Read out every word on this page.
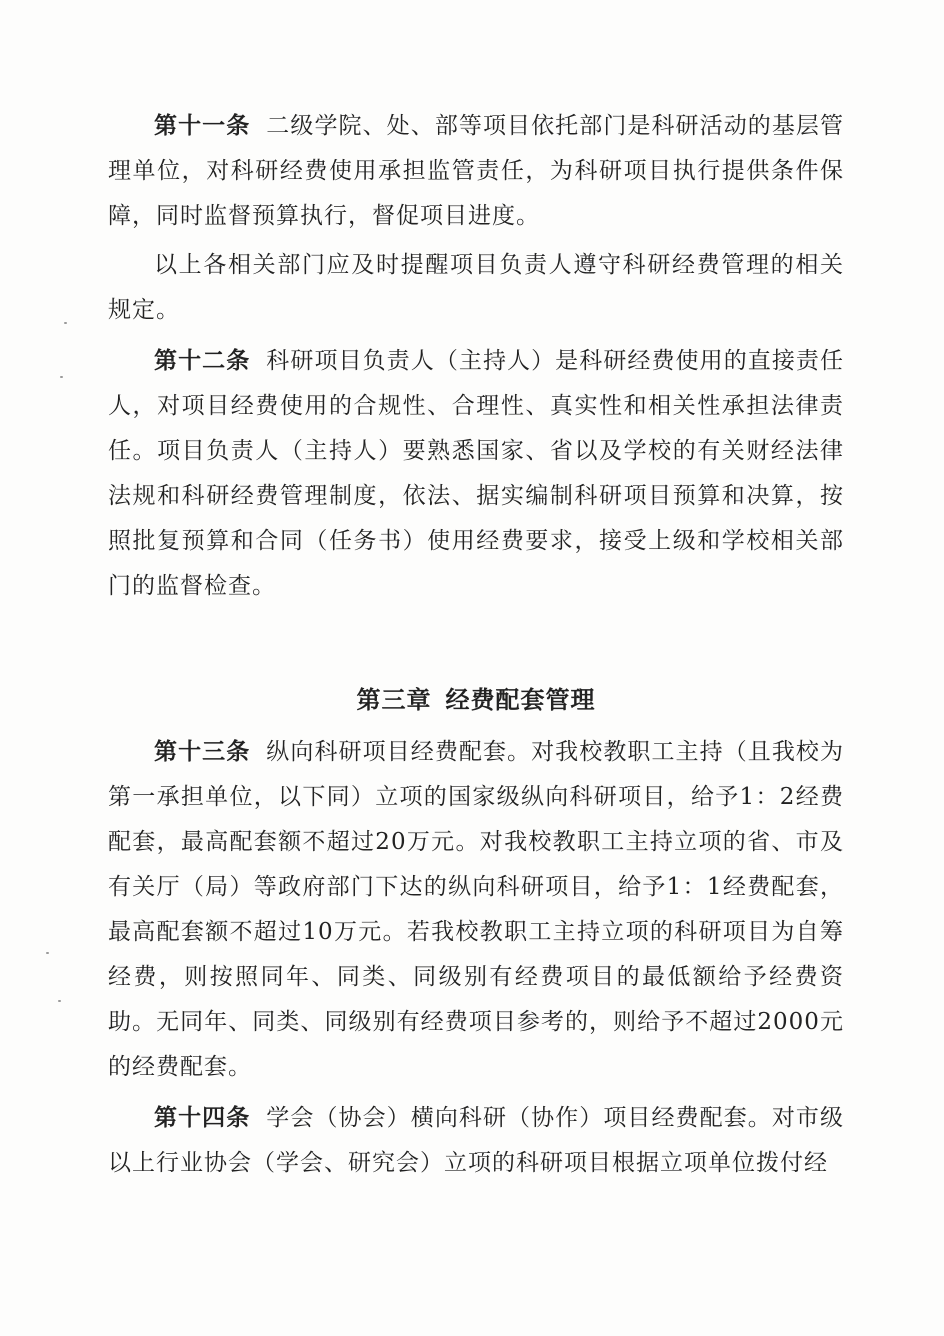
第十一条 二级学院、处、部等项目依托部门是科研活动的基层管理单位，对科研经费使用承担监管责任，为科研项目执行提供条件保障，同时监督预算执行，督促项目进度。

以上各相关部门应及时提醒项目负责人遵守科研经费管理的相关规定。

第十二条 科研项目负责人（主持人）是科研经费使用的直接责任人，对项目经费使用的合规性、合理性、真实性和相关性承担法律责任。项目负责人（主持人）要熟悉国家、省以及学校的有关财经法律法规和科研经费管理制度，依法、据实编制科研项目预算和决算，按照批复预算和合同（任务书）使用经费要求，接受上级和学校相关部门的监督检查。

第三章 经费配套管理

第十三条 纵向科研项目经费配套。对我校教职工主持（且我校为第一承担单位，以下同）立项的国家级纵向科研项目，给予1：2经费配套，最高配套额不超过20万元。对我校教职工主持立项的省、市及有关厅（局）等政府部门下达的纵向科研项目，给予1：1经费配套，最高配套额不超过10万元。若我校教职工主持立项的科研项目为自筹经费，则按照同年、同类、同级别有经费项目的最低额给予经费资助。无同年、同类、同级别有经费项目参考的，则给予不超过2000元的经费配套。

第十四条 学会（协会）横向科研（协作）项目经费配套。对市级以上行业协会（学会、研究会）立项的科研项目根据立项单位拨付经
